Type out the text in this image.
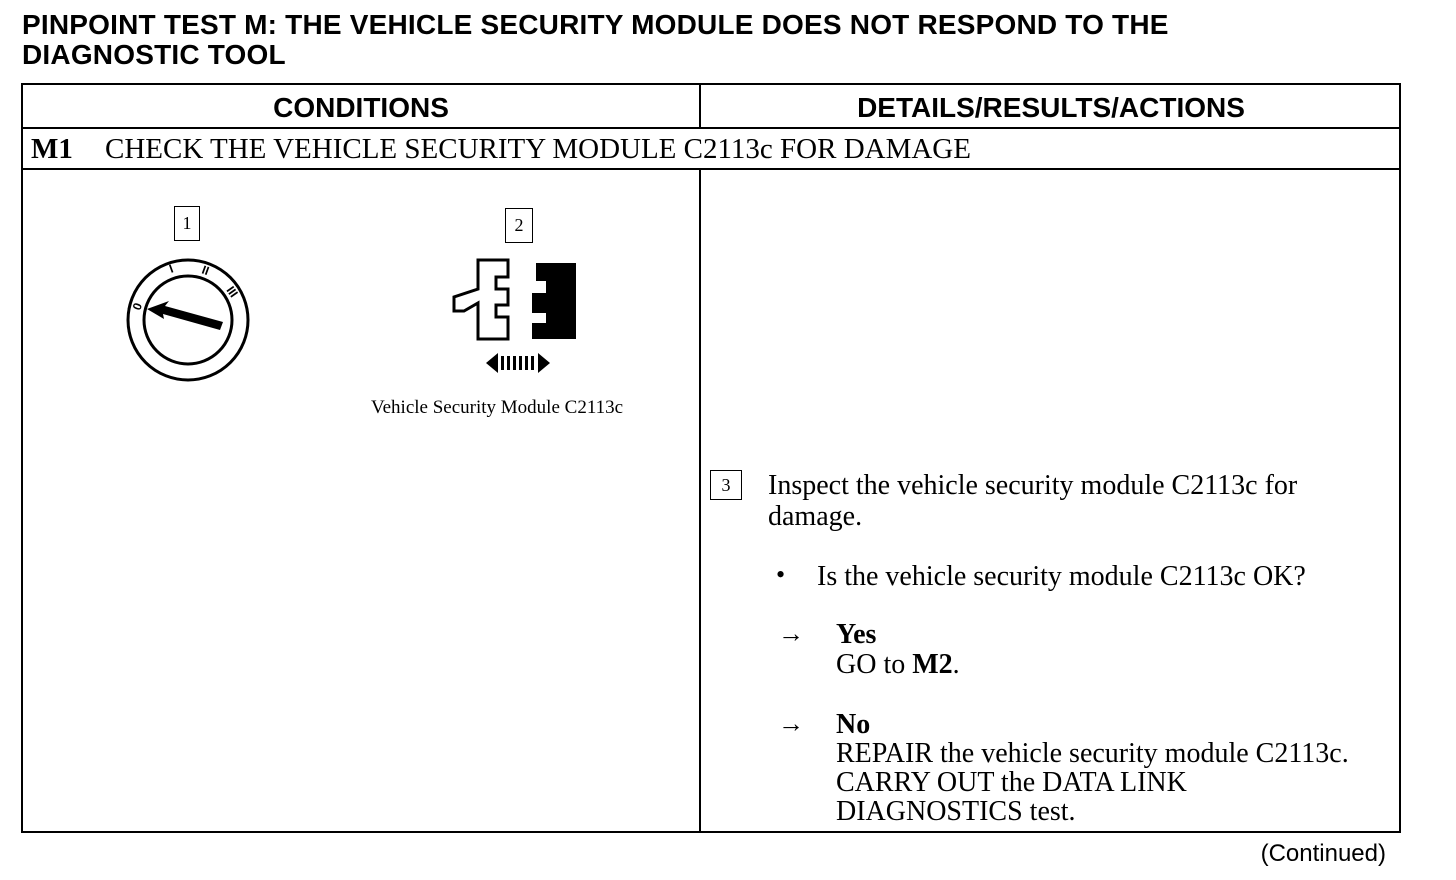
PINPOINT TEST M: THE VEHICLE SECURITY MODULE DOES NOT RESPOND TO THE
DIAGNOSTIC TOOL
CONDITIONS	DETAILS/RESULTS/ACTIONS
M1 CHECK THE VEHICLE SECURITY MODULE C2113c FOR DAMAGE
1
0
I II
III
2
Vehicle Security Module C2113c
3	Inspect the vehicle security module C2113c for damage.
• Is the vehicle security module C2113c OK?
→ Yes
GO to M2.
→ No
REPAIR the vehicle security module C2113c.
CARRY OUT the DATA LINK
DIAGNOSTICS test.
(Continued)
